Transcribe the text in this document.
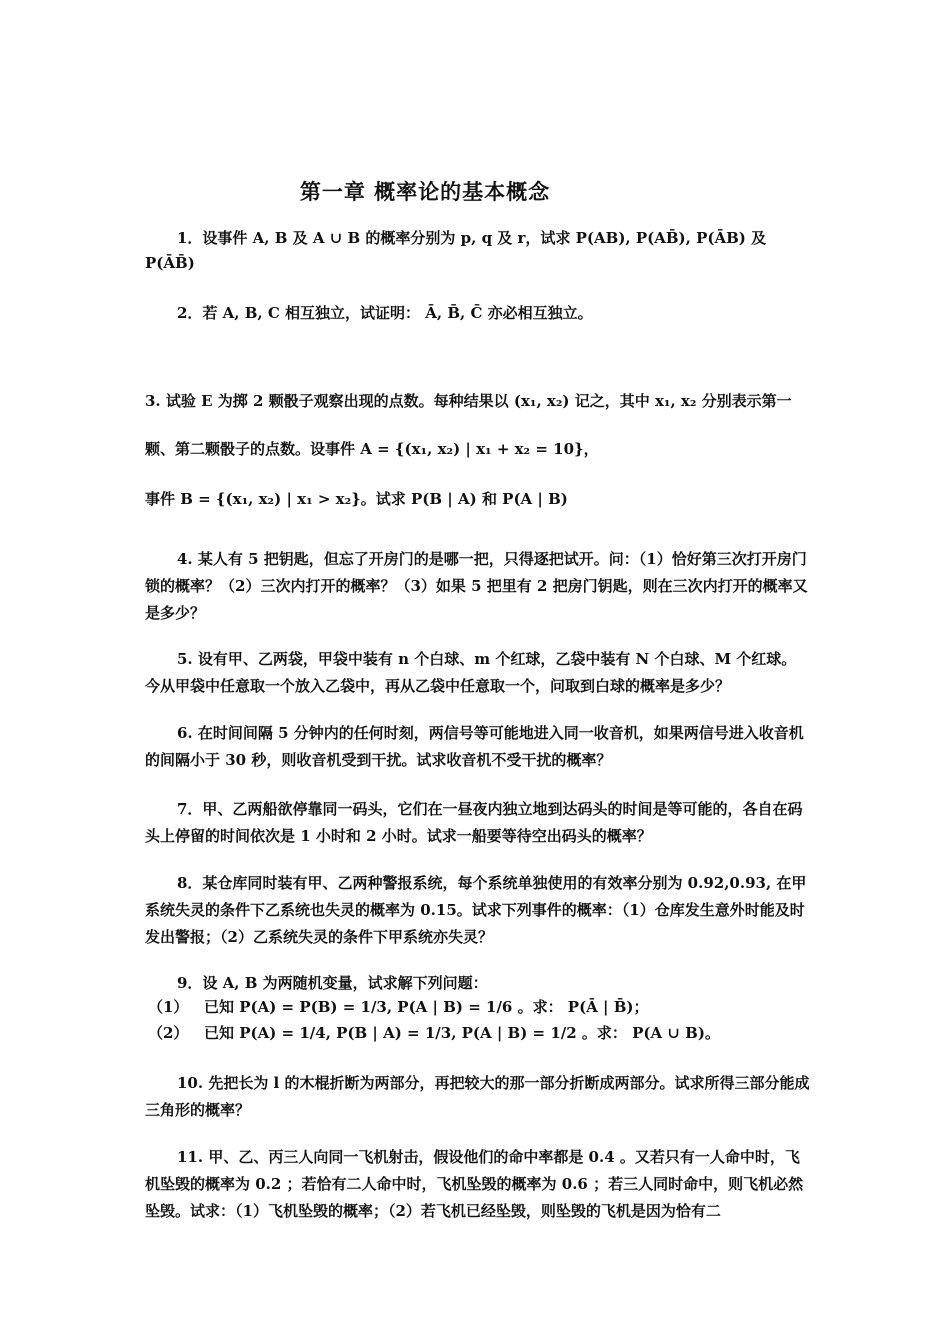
第一章 概率论的基本概念
1．设事件 A, B 及 A ∪ B 的概率分别为 p, q 及 r，试求 P(AB), P(AB̄), P(ĀB) 及
P(ĀB̄)
2．若 A, B, C 相互独立，试证明： Ā, B̄, C̄ 亦必相互独立。
3. 试验 E 为掷 2 颗骰子观察出现的点数。每种结果以 (x₁, x₂) 记之，其中 x₁, x₂ 分别表示第一
颗、第二颗骰子的点数。设事件 A = {(x₁, x₂) | x₁ + x₂ = 10}，
事件 B = {(x₁, x₂) | x₁ > x₂}。试求 P(B | A) 和 P(A | B)
4. 某人有 5 把钥匙，但忘了开房门的是哪一把，只得逐把试开。问：（1）恰好第三次打开房门锁的概率？（2）三次内打开的概率？（3）如果 5 把里有 2 把房门钥匙，则在三次内打开的概率又是多少？
5. 设有甲、乙两袋，甲袋中装有 n 个白球、m 个红球，乙袋中装有 N 个白球、M 个红球。今从甲袋中任意取一个放入乙袋中，再从乙袋中任意取一个，问取到白球的概率是多少？
6. 在时间间隔 5 分钟内的任何时刻，两信号等可能地进入同一收音机，如果两信号进入收音机的间隔小于 30 秒，则收音机受到干扰。试求收音机不受干扰的概率？
7．甲、乙两船欲停靠同一码头，它们在一昼夜内独立地到达码头的时间是等可能的，各自在码头上停留的时间依次是 1 小时和 2 小时。试求一船要等待空出码头的概率？
8．某仓库同时装有甲、乙两种警报系统，每个系统单独使用的有效率分别为 0.92,0.93, 在甲系统失灵的条件下乙系统也失灵的概率为 0.15。试求下列事件的概率：（1）仓库发生意外时能及时发出警报；（2）乙系统失灵的条件下甲系统亦失灵？
9．设 A, B 为两随机变量，试求解下列问题：
（1） 已知 P(A) = P(B) = 1/3, P(A | B) = 1/6 。求： P(Ā | B̄)；
（2） 已知 P(A) = 1/4, P(B | A) = 1/3, P(A | B) = 1/2 。求： P(A ∪ B)。
10. 先把长为 l 的木棍折断为两部分，再把较大的那一部分折断成两部分。试求所得三部分能成三角形的概率？
11. 甲、乙、丙三人向同一飞机射击，假设他们的命中率都是 0.4 。又若只有一人命中时，飞机坠毁的概率为 0.2 ；若恰有二人命中时，飞机坠毁的概率为 0.6 ；若三人同时命中，则飞机必然坠毁。试求：（1）飞机坠毁的概率；（2）若飞机已经坠毁，则坠毁的飞机是因为恰有二
